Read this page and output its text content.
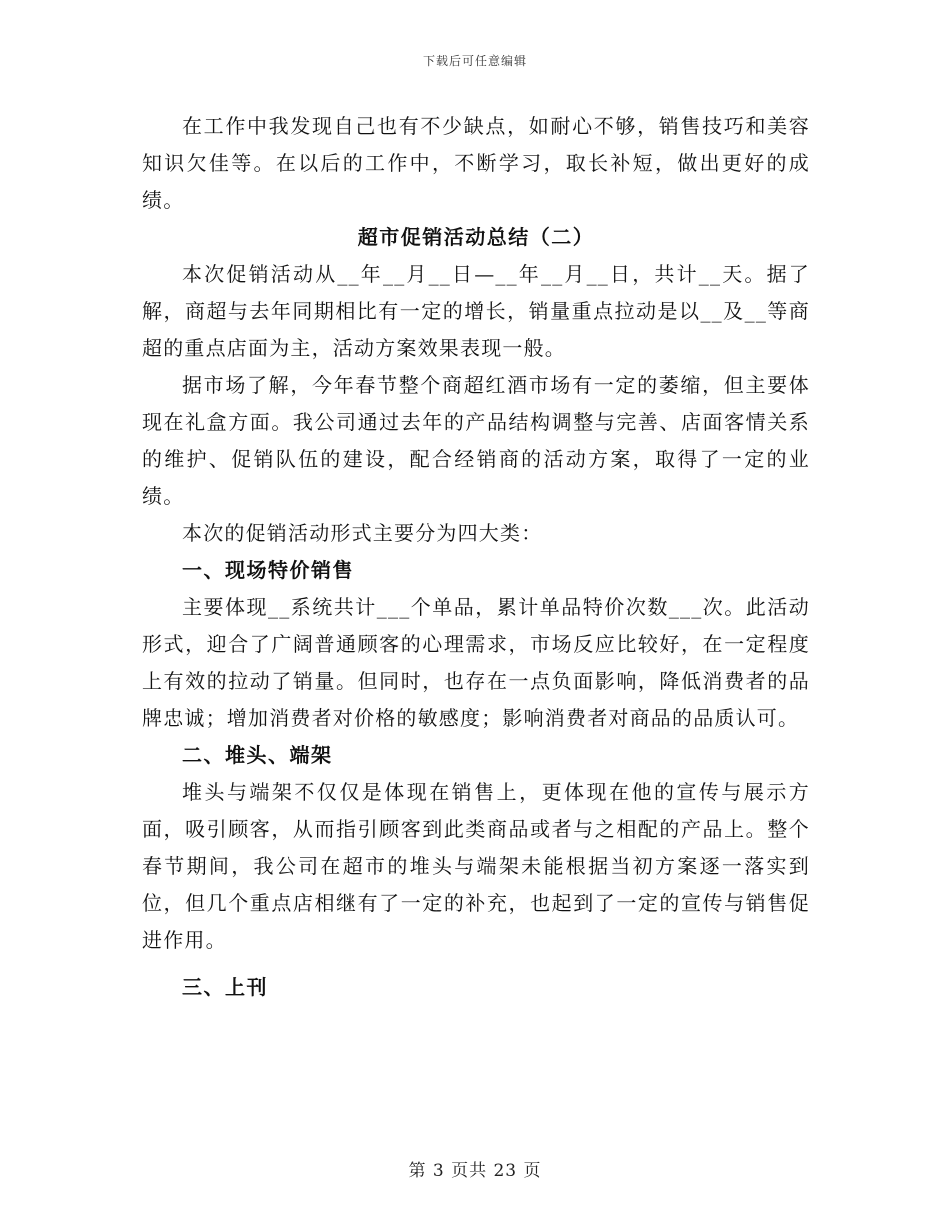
下载后可任意编辑

在工作中我发现自己也有不少缺点，如耐心不够，销售技巧和美容知识欠佳等。在以后的工作中，不断学习，取长补短，做出更好的成绩。

超市促销活动总结（二）

本次促销活动从__年__月__日—__年__月__日，共计__天。据了解，商超与去年同期相比有一定的增长，销量重点拉动是以__及__等商超的重点店面为主，活动方案效果表现一般。

据市场了解，今年春节整个商超红酒市场有一定的萎缩，但主要体现在礼盒方面。我公司通过去年的产品结构调整与完善、店面客情关系的维护、促销队伍的建设，配合经销商的活动方案，取得了一定的业绩。

本次的促销活动形式主要分为四大类：

一、现场特价销售

主要体现__系统共计___个单品，累计单品特价次数___次。此活动形式，迎合了广阔普通顾客的心理需求，市场反应比较好，在一定程度上有效的拉动了销量。但同时，也存在一点负面影响，降低消费者的品牌忠诚；增加消费者对价格的敏感度；影响消费者对商品的品质认可。

二、堆头、端架

堆头与端架不仅仅是体现在销售上，更体现在他的宣传与展示方面，吸引顾客，从而指引顾客到此类商品或者与之相配的产品上。整个春节期间，我公司在超市的堆头与端架未能根据当初方案逐一落实到位，但几个重点店相继有了一定的补充，也起到了一定的宣传与销售促进作用。

三、上刊
第 3 页共 23 页
